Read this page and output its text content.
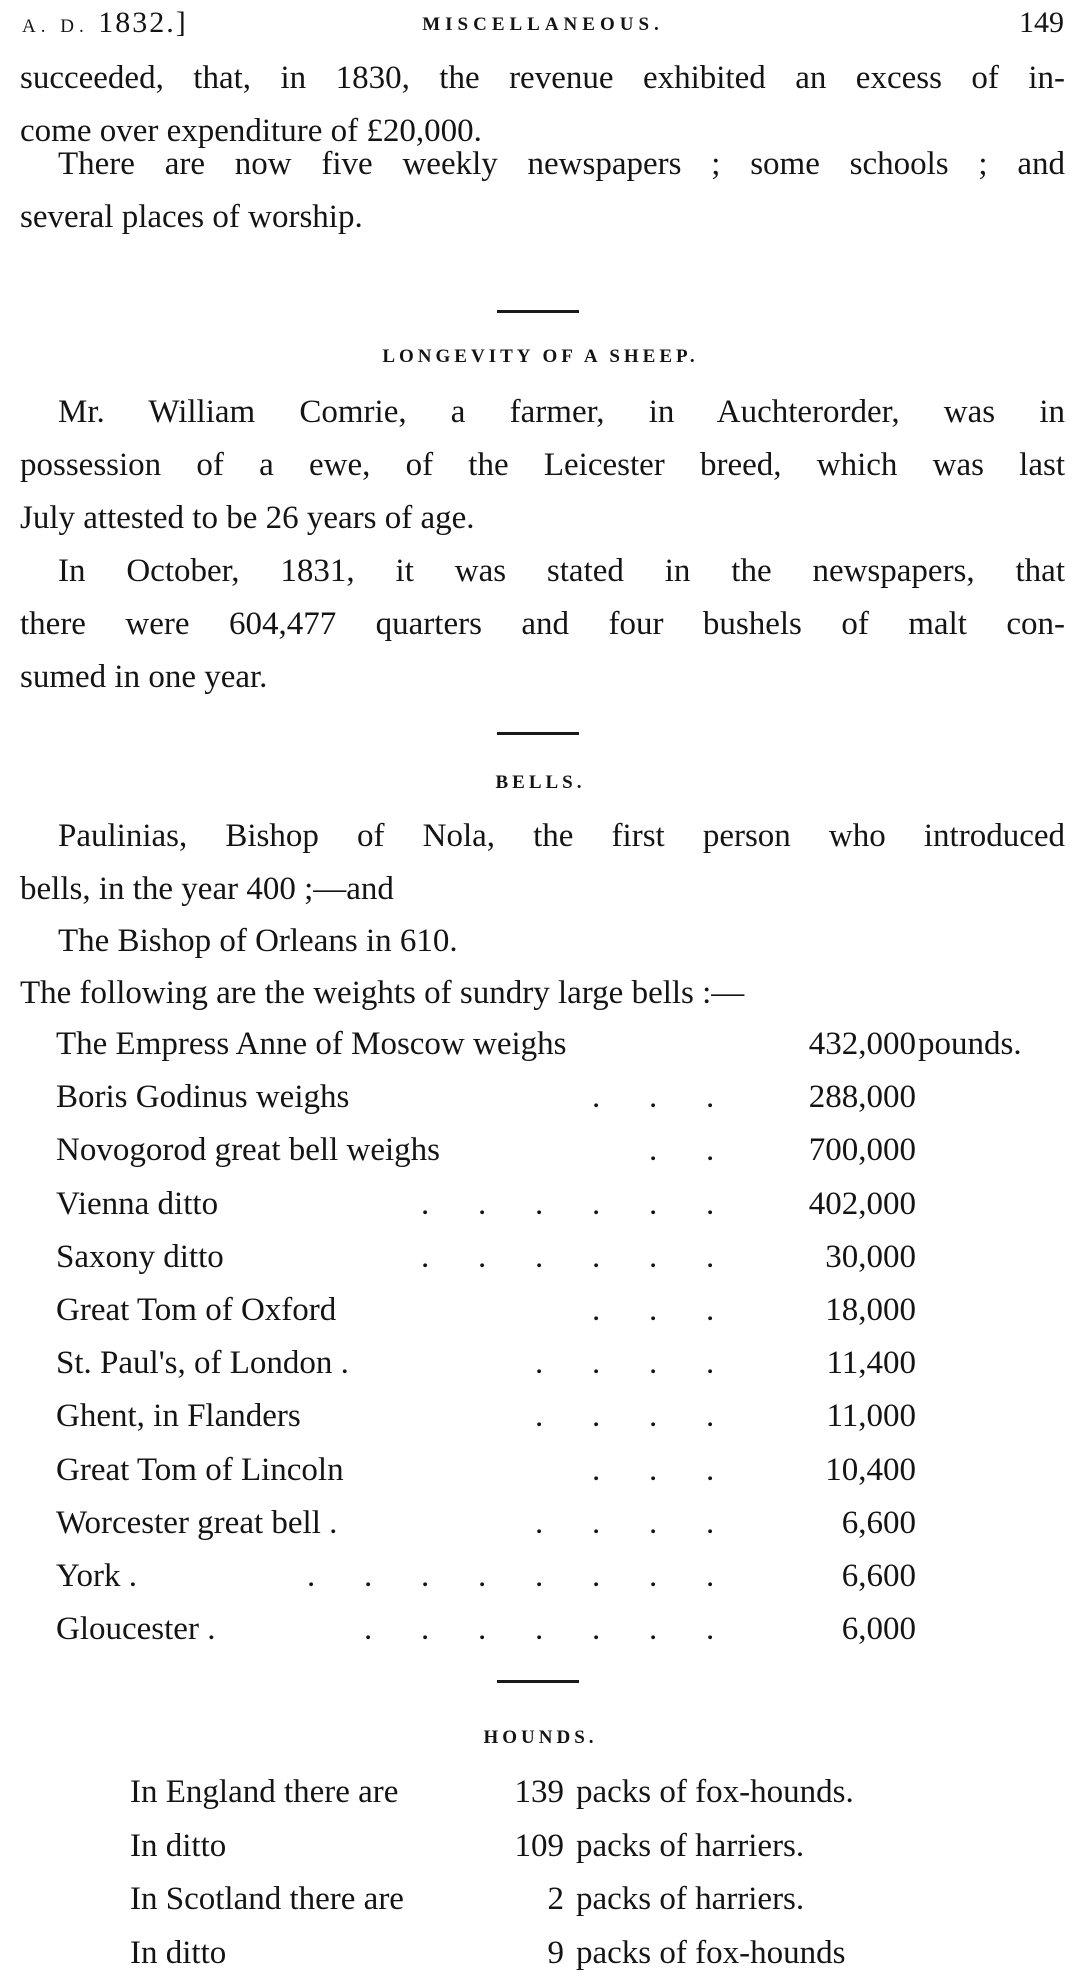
A. D. 1832.]	MISCELLANEOUS.	149
succeeded, that, in 1830, the revenue exhibited an excess of in-
come over expenditure of £20,000.
There are now five weekly newspapers ; some schools ; and
several places of worship.
LONGEVITY OF A SHEEP.
Mr. William Comrie, a farmer, in Auchterorder, was in
possession of a ewe, of the Leicester breed, which was last
July attested to be 26 years of age.
In October, 1831, it was stated in the newspapers, that
there were 604,477 quarters and four bushels of malt con-
sumed in one year.
BELLS.
Paulinias, Bishop of Nola, the first person who introduced
bells, in the year 400 ;—and
The Bishop of Orleans in 610.
The following are the weights of sundry large bells :—
The Empress Anne of Moscow weighs	432,000 pounds.
Boris Godinus weighs	. . .	288,000
Novogorod great bell weighs	. .	700,000
Vienna ditto	. . . . . .	402,000
Saxony ditto	. . . . . .	30,000
Great Tom of Oxford	. . .	18,000
St. Paul's, of London .	. . . .	11,400
Ghent, in Flanders	. . . .	11,000
Great Tom of Lincoln	. . .	10,400
Worcester great bell .	. . . .	6,600
York .	. . . . . . . .	6,600
Gloucester .	. . . . . . .	6,000
HOUNDS.
In England there are	139 packs of fox-hounds.
In ditto	109 packs of harriers.
In Scotland there are	2 packs of harriers.
In ditto	9 packs of fox-hounds
